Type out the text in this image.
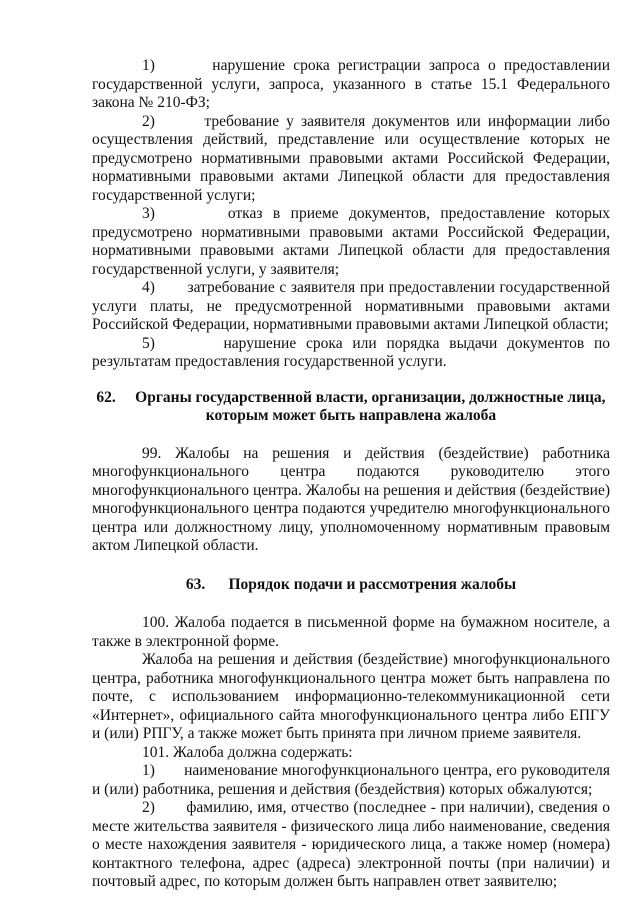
1)       нарушение срока регистрации запроса о предоставлении государственной услуги, запроса, указанного в статье 15.1 Федерального закона № 210-ФЗ;

2)       требование у заявителя документов или информации либо осуществления действий, представление или осуществление которых не предусмотрено нормативными правовыми актами Российской Федерации, нормативными правовыми актами Липецкой области для предоставления государственной услуги;

3)       отказ в приеме документов, предоставление которых предусмотрено нормативными правовыми актами Российской Федерации, нормативными правовыми актами Липецкой области для предоставления государственной услуги, у заявителя;

4)       затребование с заявителя при предоставлении государственной услуги платы, не предусмотренной нормативными правовыми актами Российской Федерации, нормативными правовыми актами Липецкой области;

5)       нарушение срока или порядка выдачи документов по результатам предоставления государственной услуги.

62.     Органы государственной власти, организации, должностные лица, которым может быть направлена жалоба

99. Жалобы на решения и действия (бездействие) работника многофункционального центра подаются руководителю этого многофункционального центра. Жалобы на решения и действия (бездействие) многофункционального центра подаются учредителю многофункционального центра или должностному лицу, уполномоченному нормативным правовым актом Липецкой области.

63.      Порядок подачи и рассмотрения жалобы

100. Жалоба подается в письменной форме на бумажном носителе, а также в электронной форме.

Жалоба на решения и действия (бездействие) многофункционального центра, работника многофункционального центра может быть направлена по почте, с использованием информационно-телекоммуникационной сети «Интернет», официального сайта многофункционального центра либо ЕПГУ и (или) РПГУ, а также может быть принята при личном приеме заявителя.

101. Жалоба должна содержать:

1)       наименование многофункционального центра, его руководителя и (или) работника, решения и действия (бездействия) которых обжалуются;

2)       фамилию, имя, отчество (последнее - при наличии), сведения о месте жительства заявителя - физического лица либо наименование, сведения о месте нахождения заявителя - юридического лица, а также номер (номера) контактного телефона, адрес (адреса) электронной почты (при наличии) и почтовый адрес, по которым должен быть направлен ответ заявителю;
